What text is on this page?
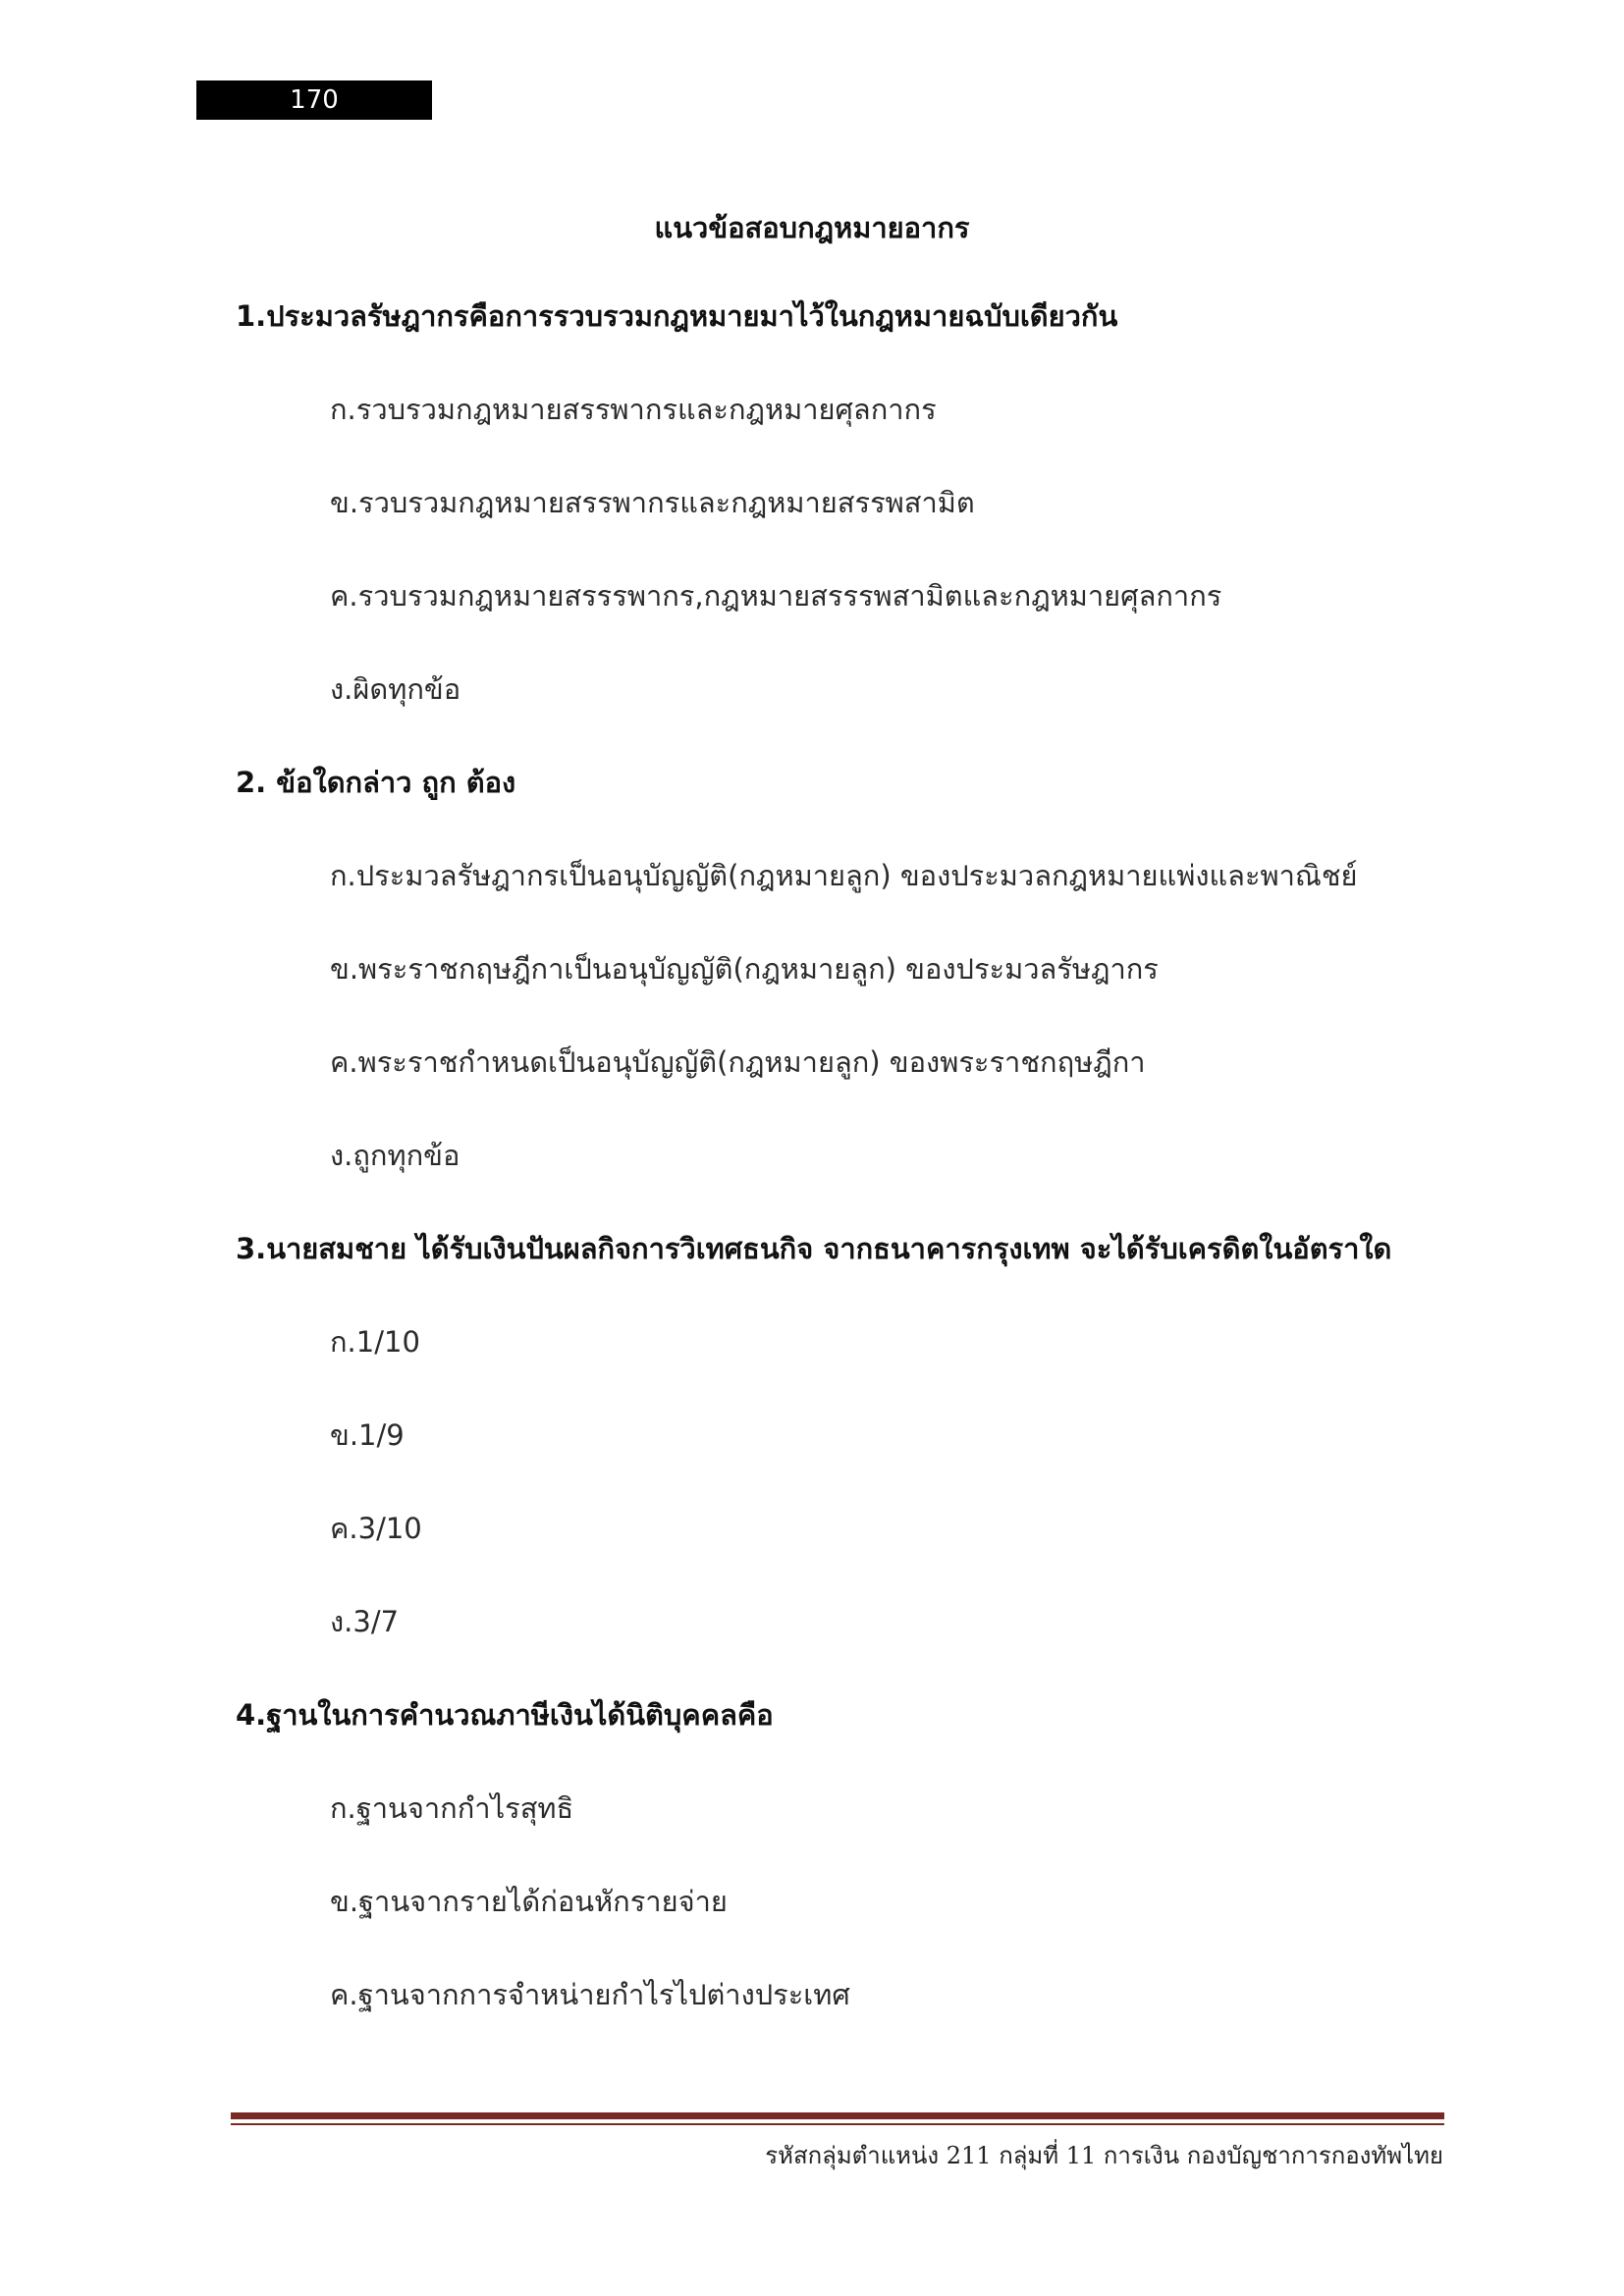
170
แนวข้อสอบกฎหมายอากร
1.ประมวลรัษฎากรคือการรวบรวมกฎหมายมาไว้ในกฎหมายฉบับเดียวกัน
ก.รวบรวมกฎหมายสรรพากรและกฎหมายศุลกากร
ข.รวบรวมกฎหมายสรรพากรและกฎหมายสรรพสามิต
ค.รวบรวมกฎหมายสรรรพากร,กฎหมายสรรรพสามิตและกฎหมายศุลกากร
ง.ผิดทุกข้อ
2. ข้อใดกล่าว ถูก ต้อง
ก.ประมวลรัษฎากรเป็นอนุบัญญัติ(กฎหมายลูก) ของประมวลกฎหมายแพ่งและพาณิชย์
ข.พระราชกฤษฎีกาเป็นอนุบัญญัติ(กฎหมายลูก) ของประมวลรัษฎากร
ค.พระราชกำหนดเป็นอนุบัญญัติ(กฎหมายลูก) ของพระราชกฤษฎีกา
ง.ถูกทุกข้อ
3.นายสมชาย ได้รับเงินปันผลกิจการวิเทศธนกิจ จากธนาคารกรุงเทพ จะได้รับเครดิตในอัตราใด
ก.1/10
ข.1/9
ค.3/10
ง.3/7
4.ฐานในการคำนวณภาษีเงินได้นิติบุคคลคือ
ก.ฐานจากกำไรสุทธิ
ข.ฐานจากรายได้ก่อนหักรายจ่าย
ค.ฐานจากการจำหน่ายกำไรไปต่างประเทศ
รหัสกลุ่มตำแหน่ง 211 กลุ่มที่ 11 การเงิน กองบัญชาการกองทัพไทย
